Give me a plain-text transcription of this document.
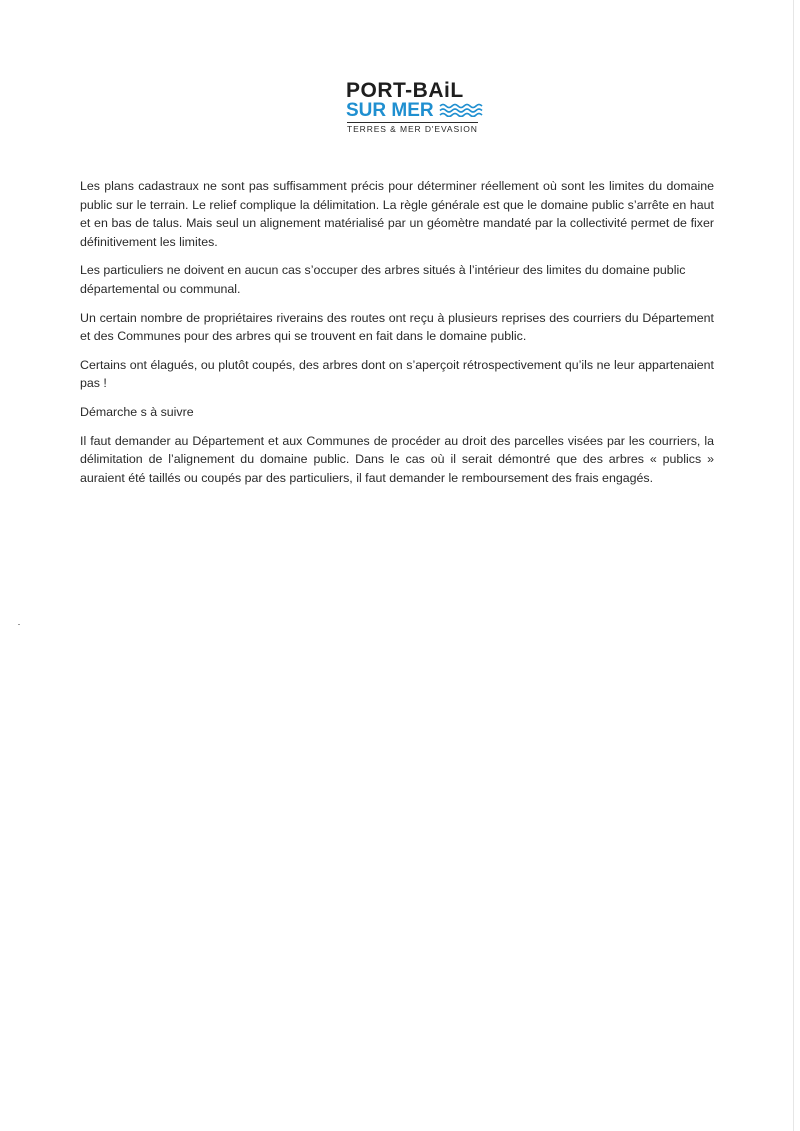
PORT-BAiL
SUR MER
TERRES & MER D'EVASION

Les plans cadastraux ne sont pas suffisamment précis pour déterminer réellement où sont les limites du domaine public sur le terrain. Le relief complique la délimitation. La règle générale est que le domaine public s’arrête en haut et en bas de talus. Mais seul un alignement matérialisé par un géomètre mandaté par la collectivité permet de fixer définitivement les limites.

Les particuliers ne doivent en aucun cas s’occuper des arbres situés à l’intérieur des limites du domaine public départemental ou communal.

Un certain nombre de propriétaires riverains des routes ont reçu à plusieurs reprises des courriers du Département et des Communes pour des arbres qui se trouvent en fait dans le domaine public.

Certains ont élagués, ou plutôt coupés, des arbres dont on s’aperçoit rétrospectivement qu’ils ne leur appartenaient pas !

Démarche s à suivre

Il faut demander au Département et aux Communes de procéder au droit des parcelles visées par les courriers, la délimitation de l’alignement du domaine public. Dans le cas où il serait démontré que des arbres « publics » auraient été taillés ou coupés par des particuliers, il faut demander le remboursement des frais engagés.
